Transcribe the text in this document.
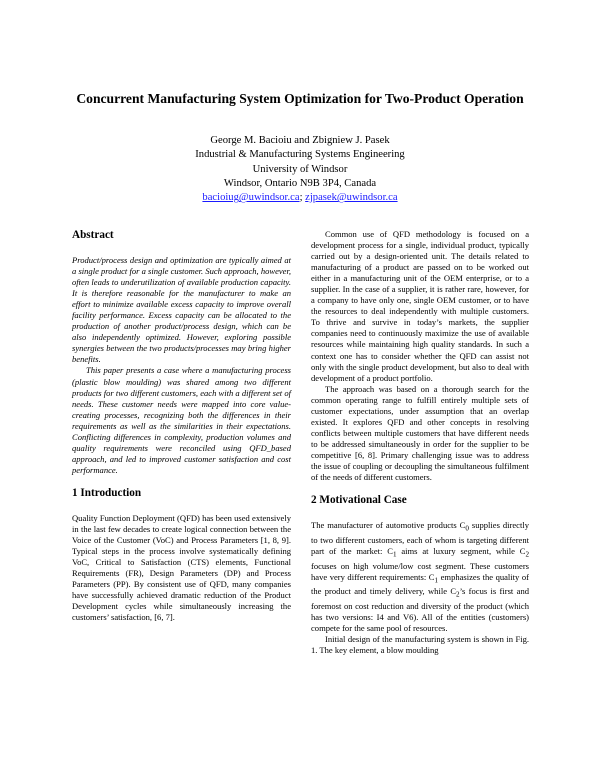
Concurrent Manufacturing System Optimization for Two-Product Operation
George M. Bacioiu and Zbigniew J. Pasek
Industrial & Manufacturing Systems Engineering
University of Windsor
Windsor, Ontario N9B 3P4, Canada
bacioiug@uwindsor.ca; zjpasek@uwindsor.ca
Abstract

Product/process design and optimization are typically aimed at a single product for a single customer. Such approach, however, often leads to underutilization of available production capacity. It is therefore reasonable for the manufacturer to make an effort to minimize available excess capacity to improve overall facility performance. Excess capacity can be allocated to the production of another product/process design, which can be also independently optimized. However, exploring possible synergies between the two products/processes may bring higher benefits.

This paper presents a case where a manufacturing process (plastic blow moulding) was shared among two different products for two different customers, each with a different set of needs. These customer needs were mapped into core value-creating processes, recognizing both the differences in their requirements as well as the similarities in their expectations. Conflicting differences in complexity, production volumes and quality requirements were reconciled using QFD_based approach, and led to improved customer satisfaction and cost performance.

1 Introduction

Quality Function Deployment (QFD) has been used extensively in the last few decades to create logical connection between the Voice of the Customer (VoC) and Process Parameters [1, 8, 9]. Typical steps in the process involve systematically defining VoC, Critical to Satisfaction (CTS) elements, Functional Requirements (FR), Design Parameters (DP) and Process Parameters (PP). By consistent use of QFD, many companies have successfully achieved dramatic reduction of the Product Development cycles while simultaneously increasing the customers’ satisfaction, [6, 7].

Common use of QFD methodology is focused on a development process for a single, individual product, typically carried out by a design-oriented unit. The details related to manufacturing of a product are passed on to be worked out either in a manufacturing unit of the OEM enterprise, or to a supplier. In the case of a supplier, it is rather rare, however, for a company to have only one, single OEM customer, or to have the resources to deal independently with multiple customers. To thrive and survive in today’s markets, the supplier companies need to continuously maximize the use of available resources while maintaining high quality standards. In such a context one has to consider whether the QFD can assist not only with the single product development, but also to deal with development of a product portfolio.

The approach was based on a thorough search for the common operating range to fulfill entirely multiple sets of customer expectations, under assumption that an overlap existed. It explores QFD and other concepts in resolving conflicts between multiple customers that have different needs to be addressed simultaneously in order for the supplier to be competitive [6, 8]. Primary challenging issue was to address the issue of coupling or decoupling the simultaneous fulfilment of the needs of different customers.

2 Motivational Case

The manufacturer of automotive products $C_0$ supplies directly to two different customers, each of whom is targeting different part of the market: $C_1$ aims at luxury segment, while $C_2$ focuses on high volume/low cost segment. These customers have very different requirements: $C_1$ emphasizes the quality of the product and timely delivery, while $C_2’s$ focus is first and foremost on cost reduction and diversity of the product (which has two versions: I4 and V6). All of the entities (customers) compete for the same pool of resources.

Initial design of the manufacturing system is shown in Fig. 1. The key element, a blow moulding
